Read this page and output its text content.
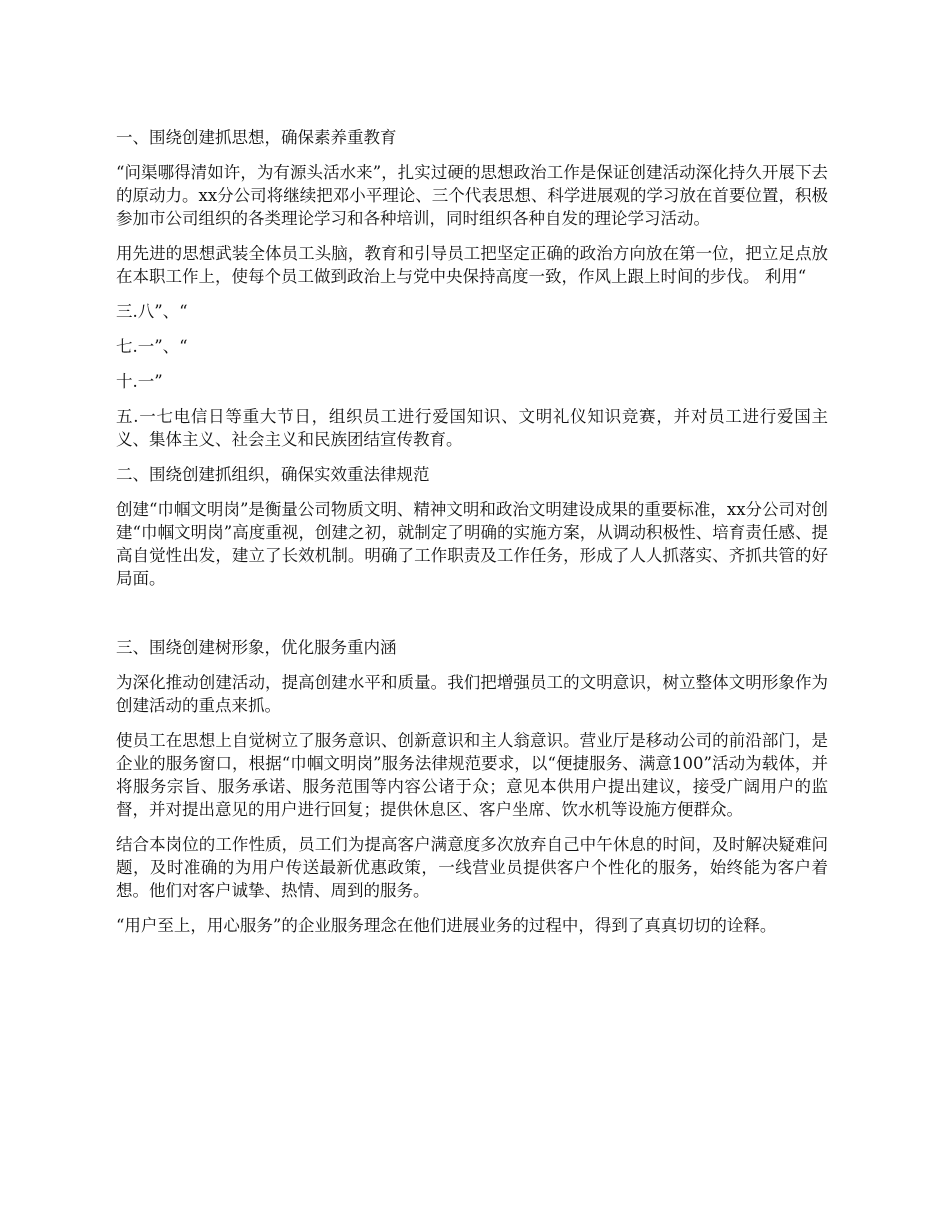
一、围绕创建抓思想，确保素养重教育

“问渠哪得清如许，为有源头活水来”，扎实过硬的思想政治工作是保证创建活动深化持久开展下去的原动力。xx分公司将继续把邓小平理论、三个代表思想、科学进展观的学习放在首要位置，积极参加市公司组织的各类理论学习和各种培训，同时组织各种自发的理论学习活动。

用先进的思想武装全体员工头脑，教育和引导员工把坚定正确的政治方向放在第一位，把立足点放在本职工作上，使每个员工做到政治上与党中央保持高度一致，作风上跟上时间的步伐。 利用“

三.八”、“

七.一”、“

十.一”

五.一七电信日等重大节日，组织员工进行爱国知识、文明礼仪知识竞赛，并对员工进行爱国主义、集体主义、社会主义和民族团结宣传教育。

二、围绕创建抓组织，确保实效重法律规范

创建“巾帼文明岗”是衡量公司物质文明、精神文明和政治文明建设成果的重要标准，xx分公司对创建“巾帼文明岗”高度重视，创建之初，就制定了明确的实施方案，从调动积极性、培育责任感、提高自觉性出发，建立了长效机制。明确了工作职责及工作任务，形成了人人抓落实、齐抓共管的好局面。

三、围绕创建树形象，优化服务重内涵

为深化推动创建活动，提高创建水平和质量。我们把增强员工的文明意识，树立整体文明形象作为创建活动的重点来抓。

使员工在思想上自觉树立了服务意识、创新意识和主人翁意识。营业厅是移动公司的前沿部门，是企业的服务窗口，根据“巾帼文明岗”服务法律规范要求，以“便捷服务、满意100”活动为载体，并将服务宗旨、服务承诺、服务范围等内容公诸于众；意见本供用户提出建议，接受广阔用户的监督，并对提出意见的用户进行回复；提供休息区、客户坐席、饮水机等设施方便群众。

结合本岗位的工作性质，员工们为提高客户满意度多次放弃自己中午休息的时间，及时解决疑难问题，及时准确的为用户传送最新优惠政策，一线营业员提供客户个性化的服务，始终能为客户着想。他们对客户诚挚、热情、周到的服务。

“用户至上，用心服务”的企业服务理念在他们进展业务的过程中，得到了真真切切的诠释。
